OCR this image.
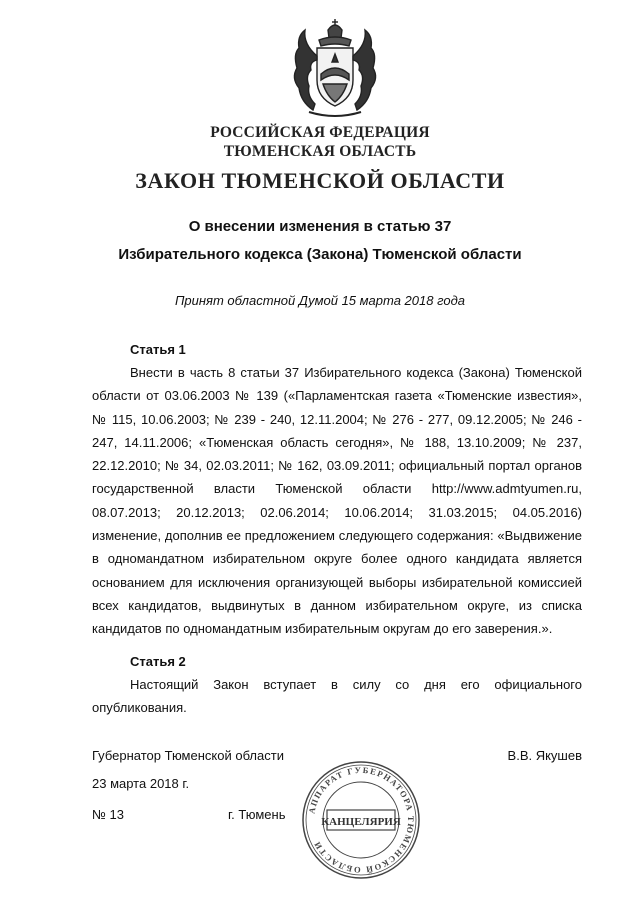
РОССИЙСКАЯ ФЕДЕРАЦИЯ
ТЮМЕНСКАЯ ОБЛАСТЬ
ЗАКОН ТЮМЕНСКОЙ ОБЛАСТИ
О внесении изменения в статью 37
Избирательного кодекса (Закона) Тюменской области
Принят областной Думой 15 марта 2018 года
Статья 1

Внести в часть 8 статьи 37 Избирательного кодекса (Закона) Тюменской области от 03.06.2003 № 139 («Парламентская газета «Тюменские известия», № 115, 10.06.2003; № 239 - 240, 12.11.2004; № 276 - 277, 09.12.2005; № 246 - 247, 14.11.2006; «Тюменская область сегодня», № 188, 13.10.2009; № 237, 22.12.2010; № 34, 02.03.2011; № 162, 03.09.2011; официальный портал органов государственной власти Тюменской области http://www.admtyumen.ru, 08.07.2013; 20.12.2013; 02.06.2014; 10.06.2014; 31.03.2015; 04.05.2016) изменение, дополнив ее предложением следующего содержания: «Выдвижение в одномандатном избирательном округе более одного кандидата является основанием для исключения организующей выборы избирательной комиссией всех кандидатов, выдвинутых в данном избирательном округе, из списка кандидатов по одномандатным избирательным округам до его заверения.».

Статья 2

Настоящий Закон вступает в силу со дня его официального опубликования.

Губернатор Тюменской области	В.В. Якушев
23 марта 2018 г.
№ 13	г. Тюмень АППАРАТ ГУБЕРНАТОРА ТЮМЕНСКОЙ ОБЛАСТИ
КАНЦЕЛЯРИЯ
